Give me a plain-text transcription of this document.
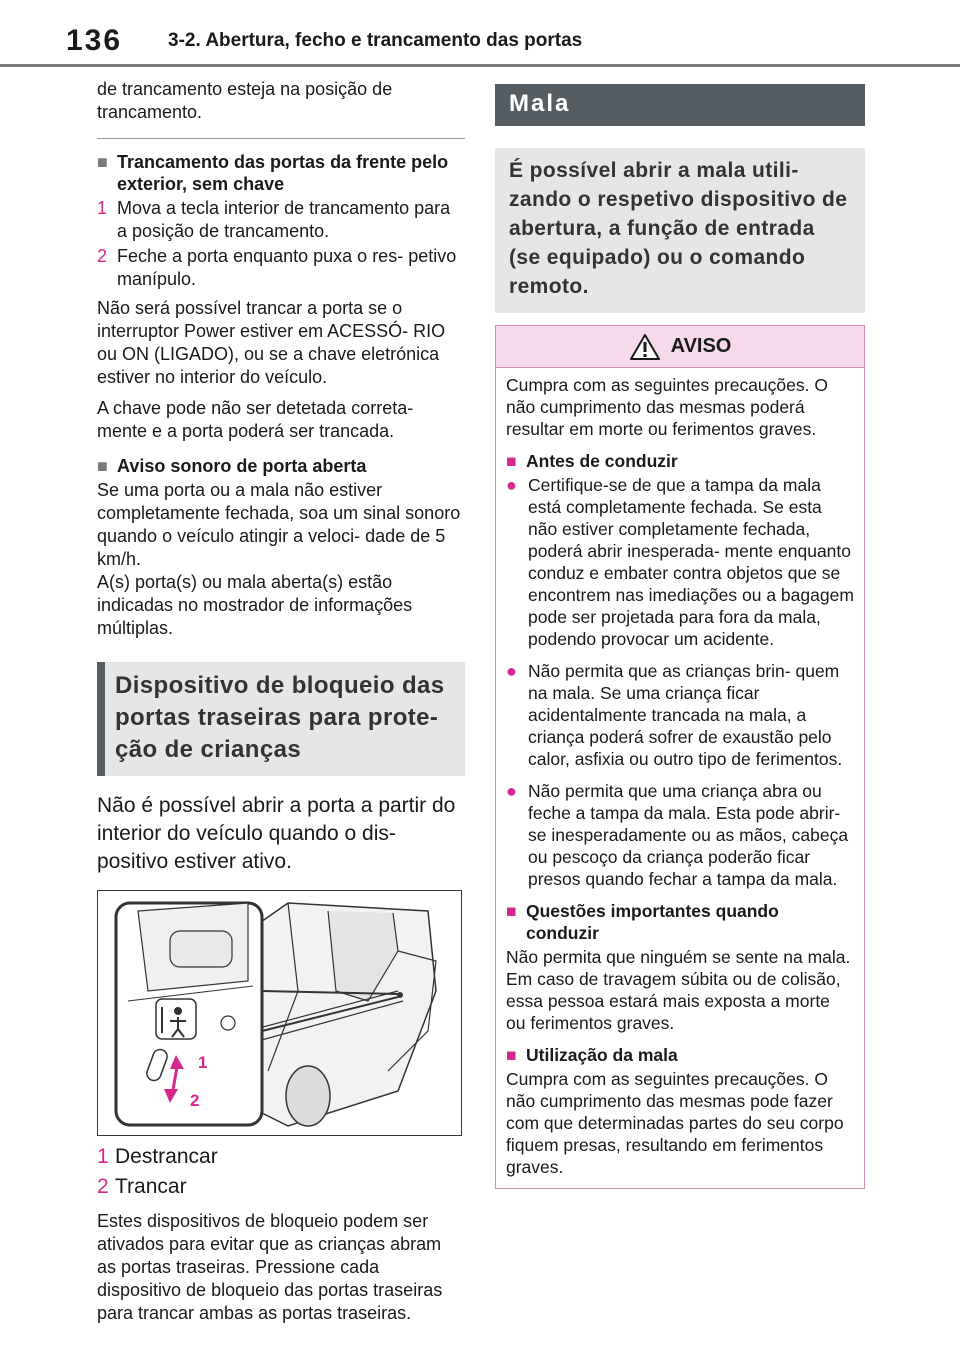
136 3-2. Abertura, fecho e trancamento das portas

de trancamento esteja na posição de trancamento.

■ Trancamento das portas da frente pelo exterior, sem chave
1 Mova a tecla interior de trancamento para a posição de trancamento.
2 Feche a porta enquanto puxa o res- petivo manípulo.

Não será possível trancar a porta se o interruptor Power estiver em ACESSÓ- RIO ou ON (LIGADO), ou se a chave eletrónica estiver no interior do veículo.

A chave pode não ser detetada correta- mente e a porta poderá ser trancada.

■ Aviso sonoro de porta aberta

Se uma porta ou a mala não estiver completamente fechada, soa um sinal sonoro quando o veículo atingir a veloci- dade de 5 km/h.

A(s) porta(s) ou mala aberta(s) estão indicadas no mostrador de informações múltiplas.

Dispositivo de bloqueio das portas traseiras para prote- ção de crianças

Não é possível abrir a porta a partir do interior do veículo quando o dis- positivo estiver ativo.

1
2
1 Destrancar
2 Trancar

Estes dispositivos de bloqueio podem ser ativados para evitar que as crianças abram as portas traseiras. Pressione cada dispositivo de bloqueio das portas traseiras para trancar ambas as portas traseiras.

Mala
É possível abrir a mala utili- zando o respetivo dispositivo de abertura, a função de entrada (se equipado) ou o comando remoto.
AVISO

Cumpra com as seguintes precauções. O não cumprimento das mesmas poderá resultar em morte ou ferimentos graves.

■ Antes de conduzir
● Certifique-se de que a tampa da mala está completamente fechada. Se esta não estiver completamente fechada, poderá abrir inesperada- mente enquanto conduz e embater contra objetos que se encontrem nas imediações ou a bagagem pode ser projetada para fora da mala, podendo provocar um acidente.
● Não permita que as crianças brin- quem na mala. Se uma criança ficar acidentalmente trancada na mala, a criança poderá sofrer de exaustão pelo calor, asfixia ou outro tipo de ferimentos.
● Não permita que uma criança abra ou feche a tampa da mala. Esta pode abrir-se inesperadamente ou as mãos, cabeça ou pescoço da criança poderão ficar presos quando fechar a tampa da mala.
■ Questões importantes quando conduzir

Não permita que ninguém se sente na mala. Em caso de travagem súbita ou de colisão, essa pessoa estará mais exposta a morte ou ferimentos graves.

■ Utilização da mala

Cumpra com as seguintes precauções. O não cumprimento das mesmas pode fazer com que determinadas partes do seu corpo fiquem presas, resultando em ferimentos graves.
